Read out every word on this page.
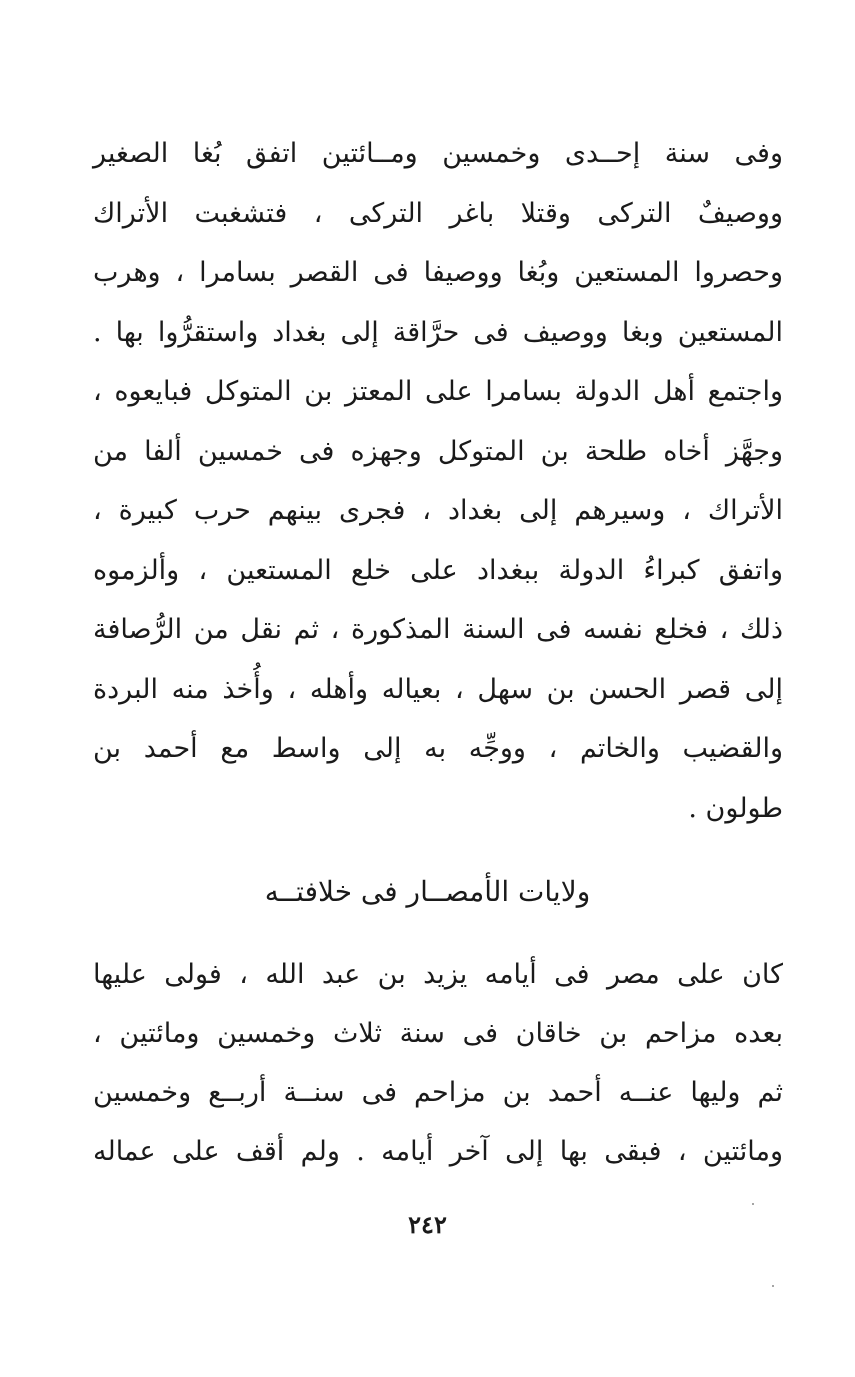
وفى سنة إحــدى وخمسين ومــائتين اتفق بُغا الصغير
ووصيفٌ التركى وقتلا باغر التركى ، فتشغبت الأتراك
وحصروا المستعين وبُغا ووصيفا فى القصر بسامرا ، وهرب
المستعين وبغا ووصيف فى حرَّاقة إلى بغداد واستقرُّوا بها .
واجتمع أهل الدولة بسامرا على المعتز بن المتوكل فبايعوه ،
وجهَّز أخاه طلحة بن المتوكل وجهزه فى خمسين ألفا من
الأتراك ، وسيرهم إلى بغداد ، فجرى بينهم حرب كبيرة ،
واتفق كبراءُ الدولة ببغداد على خلع المستعين ، وألزموه
ذلك ، فخلع نفسه فى السنة المذكورة ، ثم نقل من الرُّصافة
إلى قصر الحسن بن سهل ، بعياله وأهله ، وأُخذ منه البردة
والقضيب والخاتم ، ووجِّه به إلى واسط مع أحمد بن
طولون .
ولايات الأمصــار فى خلافتــه
كان على مصر فى أيامه يزيد بن عبد الله ، فولى عليها
بعده مزاحم بن خاقان فى سنة ثلاث وخمسين ومائتين ،
ثم وليها عنــه أحمد بن مزاحم فى سنــة أربــع وخمسين
ومائتين ، فبقى بها إلى آخر أيامه . ولم أقف على عماله
٢٤٢
